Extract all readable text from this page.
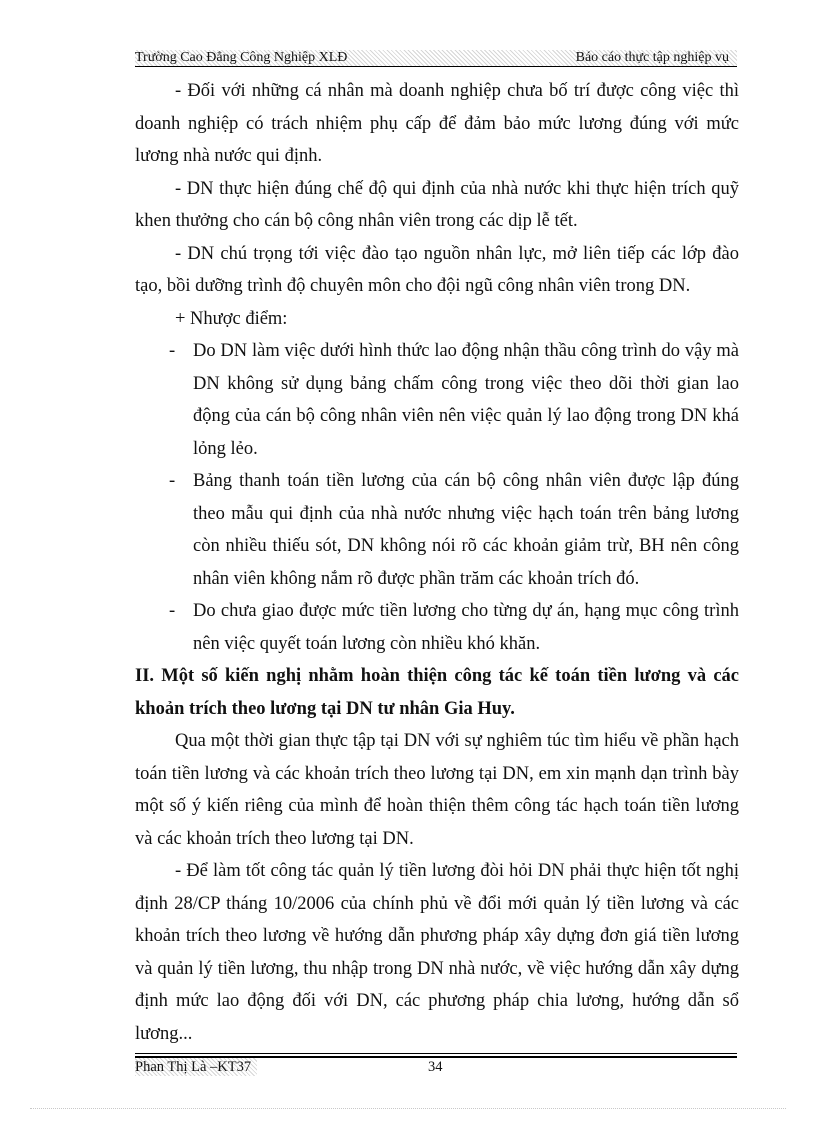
Trường Cao Đẳng Công Nghiệp XLĐ	Báo cáo thực tập nghiệp vụ

- Đối với những cá nhân mà doanh nghiệp chưa bố trí được công việc thì doanh nghiệp có trách nhiệm phụ cấp để đảm bảo mức lương đúng với mức lương nhà nước qui định.

- DN thực hiện đúng chế độ qui định của nhà nước khi thực hiện trích quỹ khen thưởng cho cán bộ công nhân viên trong các dịp lễ tết.

- DN chú trọng tới việc đào tạo nguồn nhân lực, mở liên tiếp các lớp đào tạo, bồi dưỡng trình độ chuyên môn cho đội ngũ công nhân viên trong DN.

+ Nhược điểm:

- Do DN làm việc dưới hình thức lao động nhận thầu công trình do vậy mà DN không sử dụng bảng chấm công trong việc theo dõi thời gian lao động của cán bộ công nhân viên nên việc quản lý lao động trong DN khá lỏng lẻo.

- Bảng thanh toán tiền lương của cán bộ công nhân viên được lập đúng theo mẫu qui định của nhà nước nhưng việc hạch toán trên bảng lương còn nhiều thiếu sót, DN không nói rõ các khoản giảm trừ, BH nên công nhân viên không nắm rõ được phần trăm các khoản trích đó.

- Do chưa giao được mức tiền lương cho từng dự án, hạng mục công trình nên việc quyết toán lương còn nhiều khó khăn.

II. Một số kiến nghị nhằm hoàn thiện công tác kế toán tiền lương và các khoản trích theo lương tại DN tư nhân Gia Huy.

Qua một thời gian thực tập tại DN với sự nghiêm túc tìm hiểu về phần hạch toán tiền lương và các khoản trích theo lương tại DN, em xin mạnh dạn trình bày một số ý kiến riêng của mình để hoàn thiện thêm công tác hạch toán tiền lương và các khoản trích theo lương tại DN.

- Để làm tốt công tác quản lý tiền lương đòi hỏi DN phải thực hiện tốt nghị định 28/CP tháng 10/2006 của chính phủ về đổi mới quản lý tiền lương và các khoản trích theo lương về hướng dẫn phương pháp xây dựng đơn giá tiền lương và quản lý tiền lương, thu nhập trong DN nhà nước, về việc hướng dẫn xây dựng định mức lao động đối với DN, các phương pháp chia lương, hướng dẫn sổ lương...

Phan Thị Là –KT37	34
